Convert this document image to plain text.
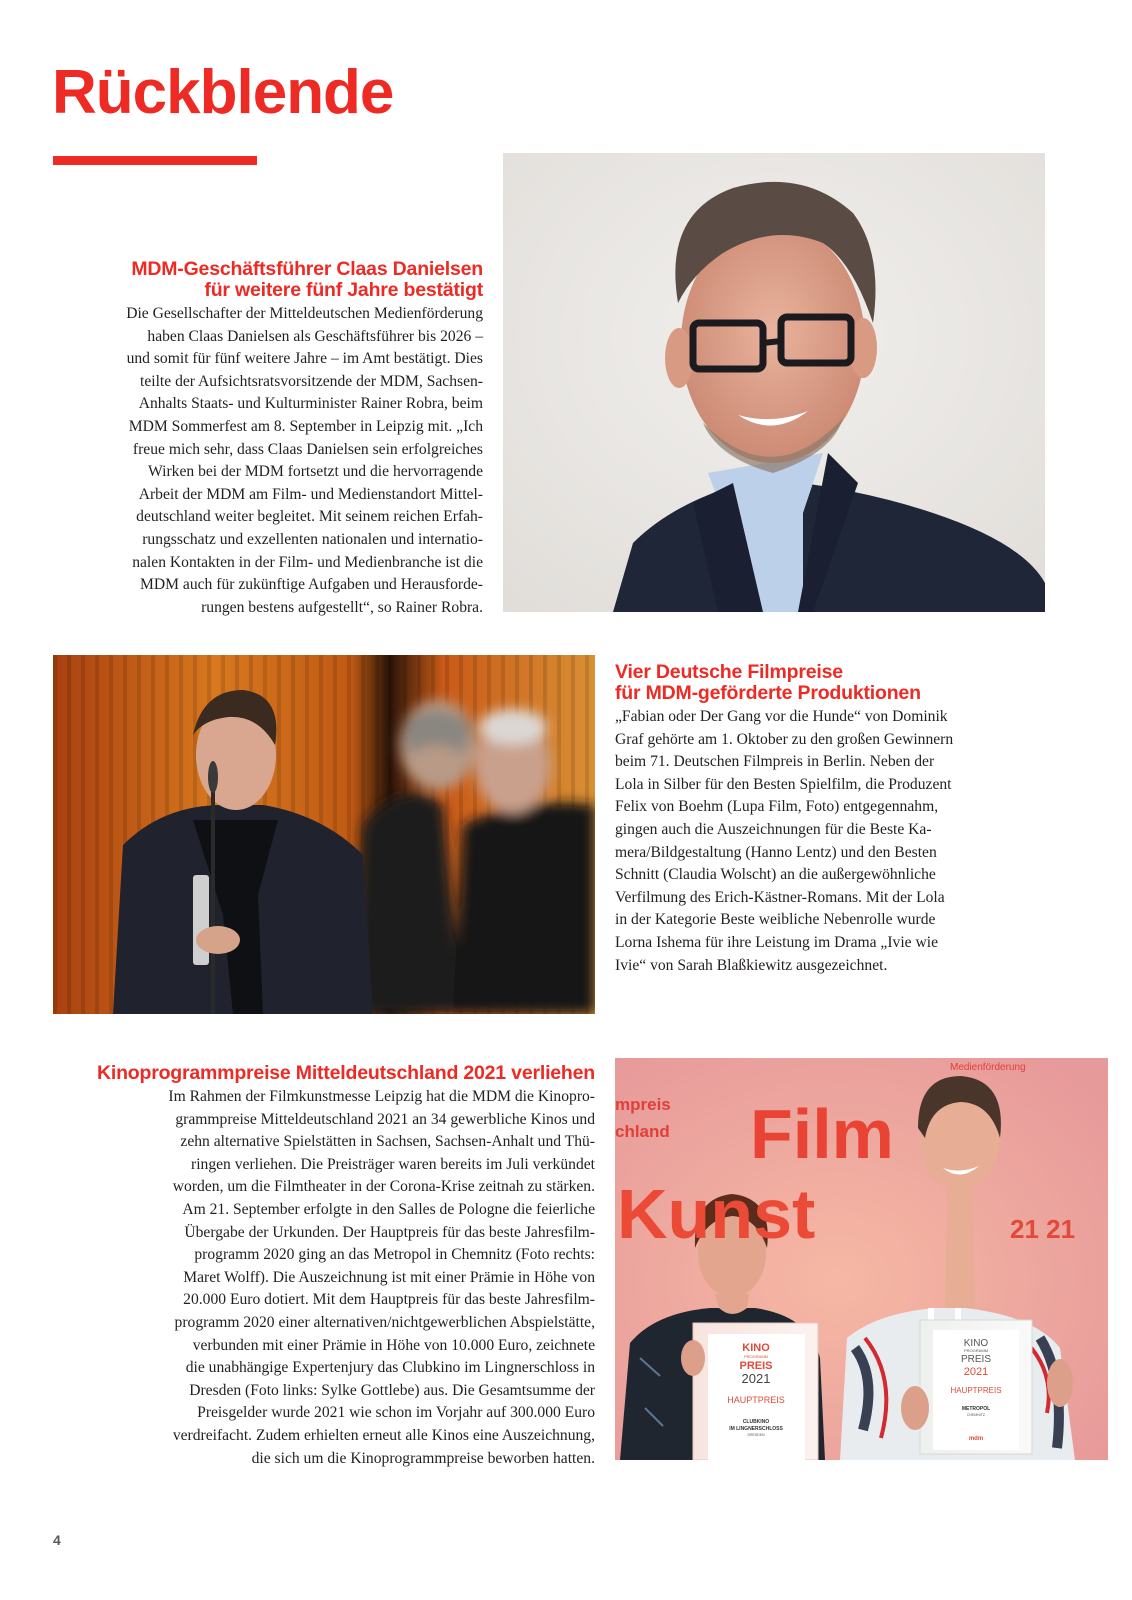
Rückblende
MDM-Geschäftsführer Claas Danielsen
für weitere fünf Jahre bestätigt

Die Gesellschafter der Mitteldeutschen Medienförderung
haben Claas Danielsen als Geschäftsführer bis 2026 –
und somit für fünf weitere Jahre – im Amt bestätigt. Dies
teilte der Aufsichtsratsvorsitzende der MDM, Sachsen-
Anhalts Staats- und Kulturminister Rainer Robra, beim
MDM Sommerfest am 8. September in Leipzig mit. „Ich
freue mich sehr, dass Claas Danielsen sein erfolgreiches
Wirken bei der MDM fortsetzt und die hervorragende
Arbeit der MDM am Film- und Medienstandort Mittel-
deutschland weiter begleitet. Mit seinem reichen Erfah-
rungsschatz und exzellenten nationalen und internatio-
nalen Kontakten in der Film- und Medienbranche ist die
MDM auch für zukünftige Aufgaben und Herausforde-
rungen bestens aufgestellt“, so Rainer Robra.

Vier Deutsche Filmpreise
für MDM-geförderte Produktionen

„Fabian oder Der Gang vor die Hunde“ von Dominik
Graf gehörte am 1. Oktober zu den großen Gewinnern
beim 71. Deutschen Filmpreis in Berlin. Neben der
Lola in Silber für den Besten Spielfilm, die Produzent
Felix von Boehm (Lupa Film, Foto) entgegennahm,
gingen auch die Auszeichnungen für die Beste Ka-
mera/Bildgestaltung (Hanno Lentz) und den Besten
Schnitt (Claudia Wolscht) an die außergewöhnliche
Verfilmung des Erich-Kästner-Romans. Mit der Lola
in der Kategorie Beste weibliche Nebenrolle wurde
Lorna Ishema für ihre Leistung im Drama „Ivie wie
Ivie“ von Sarah Blaßkiewitz ausgezeichnet.

Kinoprogrammpreise Mitteldeutschland 2021 verliehen

Im Rahmen der Filmkunstmesse Leipzig hat die MDM die Kinopro-
grammpreise Mitteldeutschland 2021 an 34 gewerbliche Kinos und
zehn alternative Spielstätten in Sachsen, Sachsen-Anhalt und Thü-
ringen verliehen. Die Preisträger waren bereits im Juli verkündet
worden, um die Filmtheater in der Corona-Krise zeitnah zu stärken.
Am 21. September erfolgte in den Salles de Pologne die feierliche
Übergabe der Urkunden. Der Hauptpreis für das beste Jahresfilm-
programm 2020 ging an das Metropol in Chemnitz (Foto rechts:
Maret Wolff). Die Auszeichnung ist mit einer Prämie in Höhe von
20.000 Euro dotiert. Mit dem Hauptpreis für das beste Jahresfilm-
programm 2020 einer alternativen/nichtgewerblichen Abspielstätte,
verbunden mit einer Prämie in Höhe von 10.000 Euro, zeichnete
die unabhängige Expertenjury das Clubkino im Lingnerschloss in
Dresden (Foto links: Sylke Gottlebe) aus. Die Gesamtsumme der
Preisgelder wurde 2021 wie schon im Vorjahr auf 300.000 Euro
verdreifacht. Zudem erhielten erneut alle Kinos eine Auszeichnung,
die sich um die Kinoprogrammpreise beworben hatten.

KINO
PROGRAMM
PREIS
2021
HAUPTPREIS
CLUBKINO
IM LINGNERSCHLOSS
DRESDEN
KINO
PROGRAMM
PREIS
2021
HAUPTPREIS
METROPOL
CHEMNITZ
mdm
Medienförderung
mpreis
chland Film
Kunst	21 21
4
